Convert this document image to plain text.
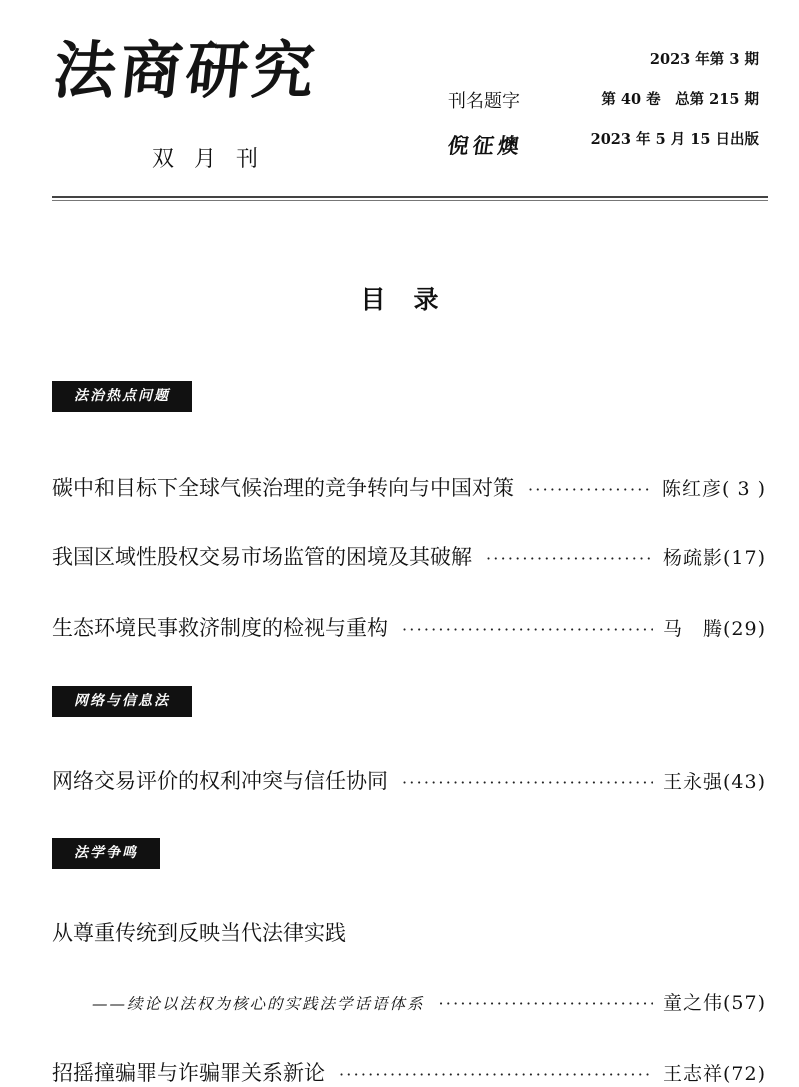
法商研究
双月刊
刊名题字
倪征燠
2023 年第 3 期
第 40 卷　总第 215 期
2023 年 5 月 15 日出版
目录
法治热点问题
碳中和目标下全球气候治理的竞争转向与中国对策 ·····	陈红彦( 3 )
我国区域性股权交易市场监管的困境及其破解 ·····	杨疏影(17)
生态环境民事救济制度的检视与重构 ·····	马　腾(29)
网络与信息法
网络交易评价的权利冲突与信任协同 ·····	王永强(43)
法学争鸣
从尊重传统到反映当代法律实践
——续论以法权为核心的实践法学话语体系 ·····	童之伟(57)
招摇撞骗罪与诈骗罪关系新论 ·····	王志祥(72)
